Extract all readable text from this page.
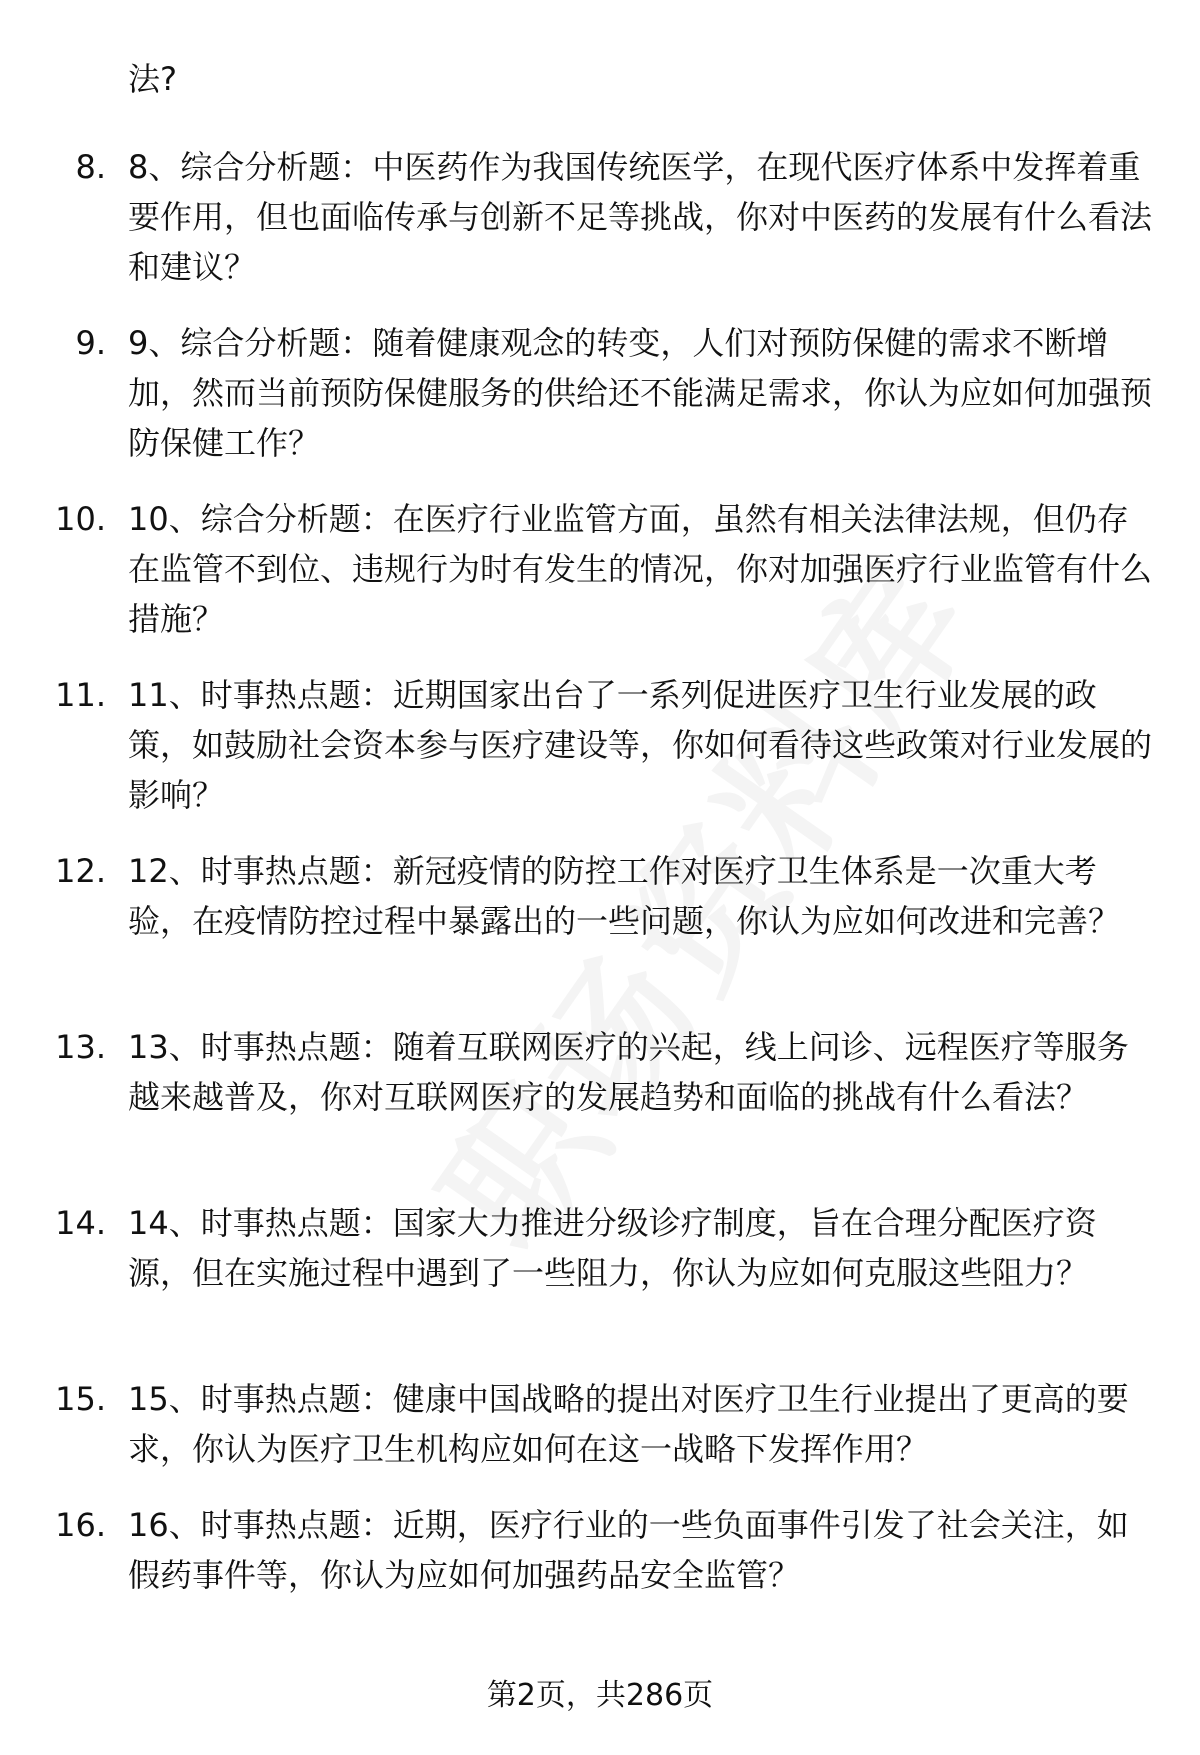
法?
8. 8、综合分析题：中医药作为我国传统医学，在现代医疗体系中发挥着重要作用，但也面临传承与创新不足等挑战，你对中医药的发展有什么看法和建议？
9. 9、综合分析题：随着健康观念的转变，人们对预防保健的需求不断增加，然而当前预防保健服务的供给还不能满足需求，你认为应如何加强预防保健工作？
10. 10、综合分析题：在医疗行业监管方面，虽然有相关法律法规，但仍存在监管不到位、违规行为时有发生的情况，你对加强医疗行业监管有什么措施？
11. 11、时事热点题：近期国家出台了一系列促进医疗卫生行业发展的政策，如鼓励社会资本参与医疗建设等，你如何看待这些政策对行业发展的影响？
12. 12、时事热点题：新冠疫情的防控工作对医疗卫生体系是一次重大考验，在疫情防控过程中暴露出的一些问题，你认为应如何改进和完善？
13. 13、时事热点题：随着互联网医疗的兴起，线上问诊、远程医疗等服务越来越普及，你对互联网医疗的发展趋势和面临的挑战有什么看法？
14. 14、时事热点题：国家大力推进分级诊疗制度，旨在合理分配医疗资源，但在实施过程中遇到了一些阻力，你认为应如何克服这些阻力？
15. 15、时事热点题：健康中国战略的提出对医疗卫生行业提出了更高的要求，你认为医疗卫生机构应如何在这一战略下发挥作用？
16. 16、时事热点题：近期，医疗行业的一些负面事件引发了社会关注，如假药事件等，你认为应如何加强药品安全监管？
第2页，共286页
